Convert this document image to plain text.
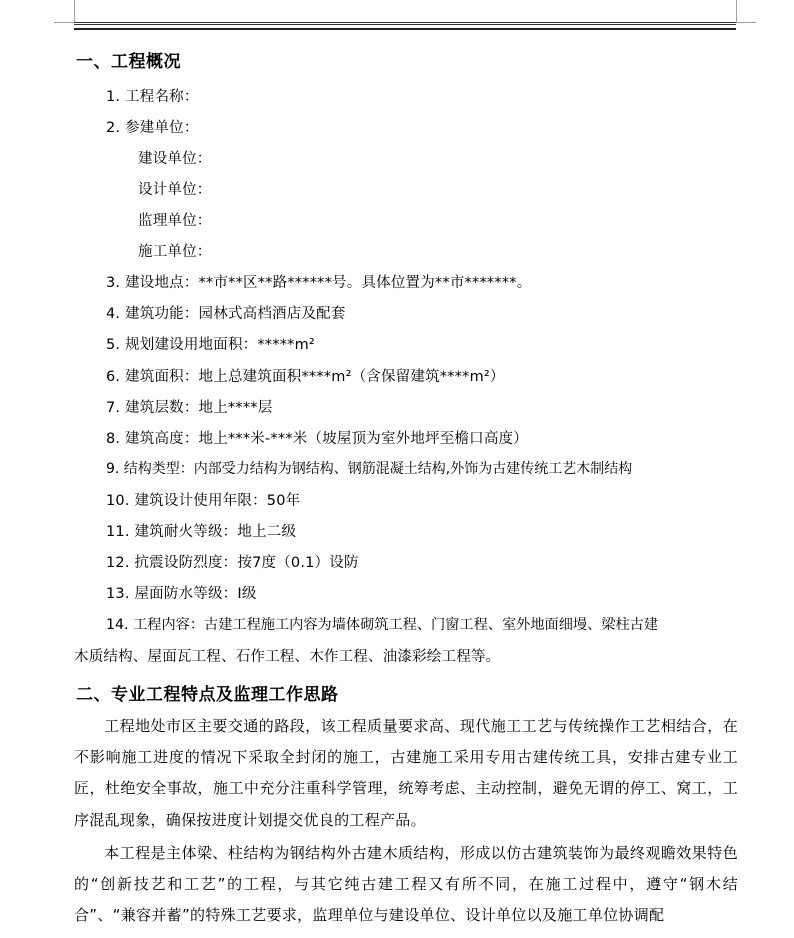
一、工程概况
1. 工程名称：
2. 参建单位：
建设单位：
设计单位：
监理单位：
施工单位：
3. 建设地点：**市**区**路******号。具体位置为**市*******。
4. 建筑功能：园林式高档酒店及配套
5. 规划建设用地面积：*****m²
6. 建筑面积：地上总建筑面积****m²（含保留建筑****m²）
7. 建筑层数：地上****层
8. 建筑高度：地上***米-***米（坡屋顶为室外地坪至檐口高度）
9. 结构类型：内部受力结构为钢结构、钢筋混凝土结构,外饰为古建传统工艺木制结构
10. 建筑设计使用年限：50年
11. 建筑耐火等级：地上二级
12. 抗震设防烈度：按7度（0.1）设防
13. 屋面防水等级：Ⅰ级
14. 工程内容：古建工程施工内容为墙体砌筑工程、门窗工程、室外地面细墁、梁柱古建
木质结构、屋面瓦工程、石作工程、木作工程、油漆彩绘工程等。
二、专业工程特点及监理工作思路
工程地处市区主要交通的路段，该工程质量要求高、现代施工工艺与传统操作工艺相结合，在不影响施工进度的情况下采取全封闭的施工，古建施工采用专用古建传统工具，安排古建专业工匠，杜绝安全事故，施工中充分注重科学管理，统筹考虑、主动控制，避免无谓的停工、窝工，工序混乱现象，确保按进度计划提交优良的工程产品。
本工程是主体梁、柱结构为钢结构外古建木质结构，形成以仿古建筑装饰为最终观瞻效果特色的“创新技艺和工艺”的工程，与其它纯古建工程又有所不同，在施工过程中，遵守“钢木结合”、“兼容并蓄”的特殊工艺要求，监理单位与建设单位、设计单位以及施工单位协调配
